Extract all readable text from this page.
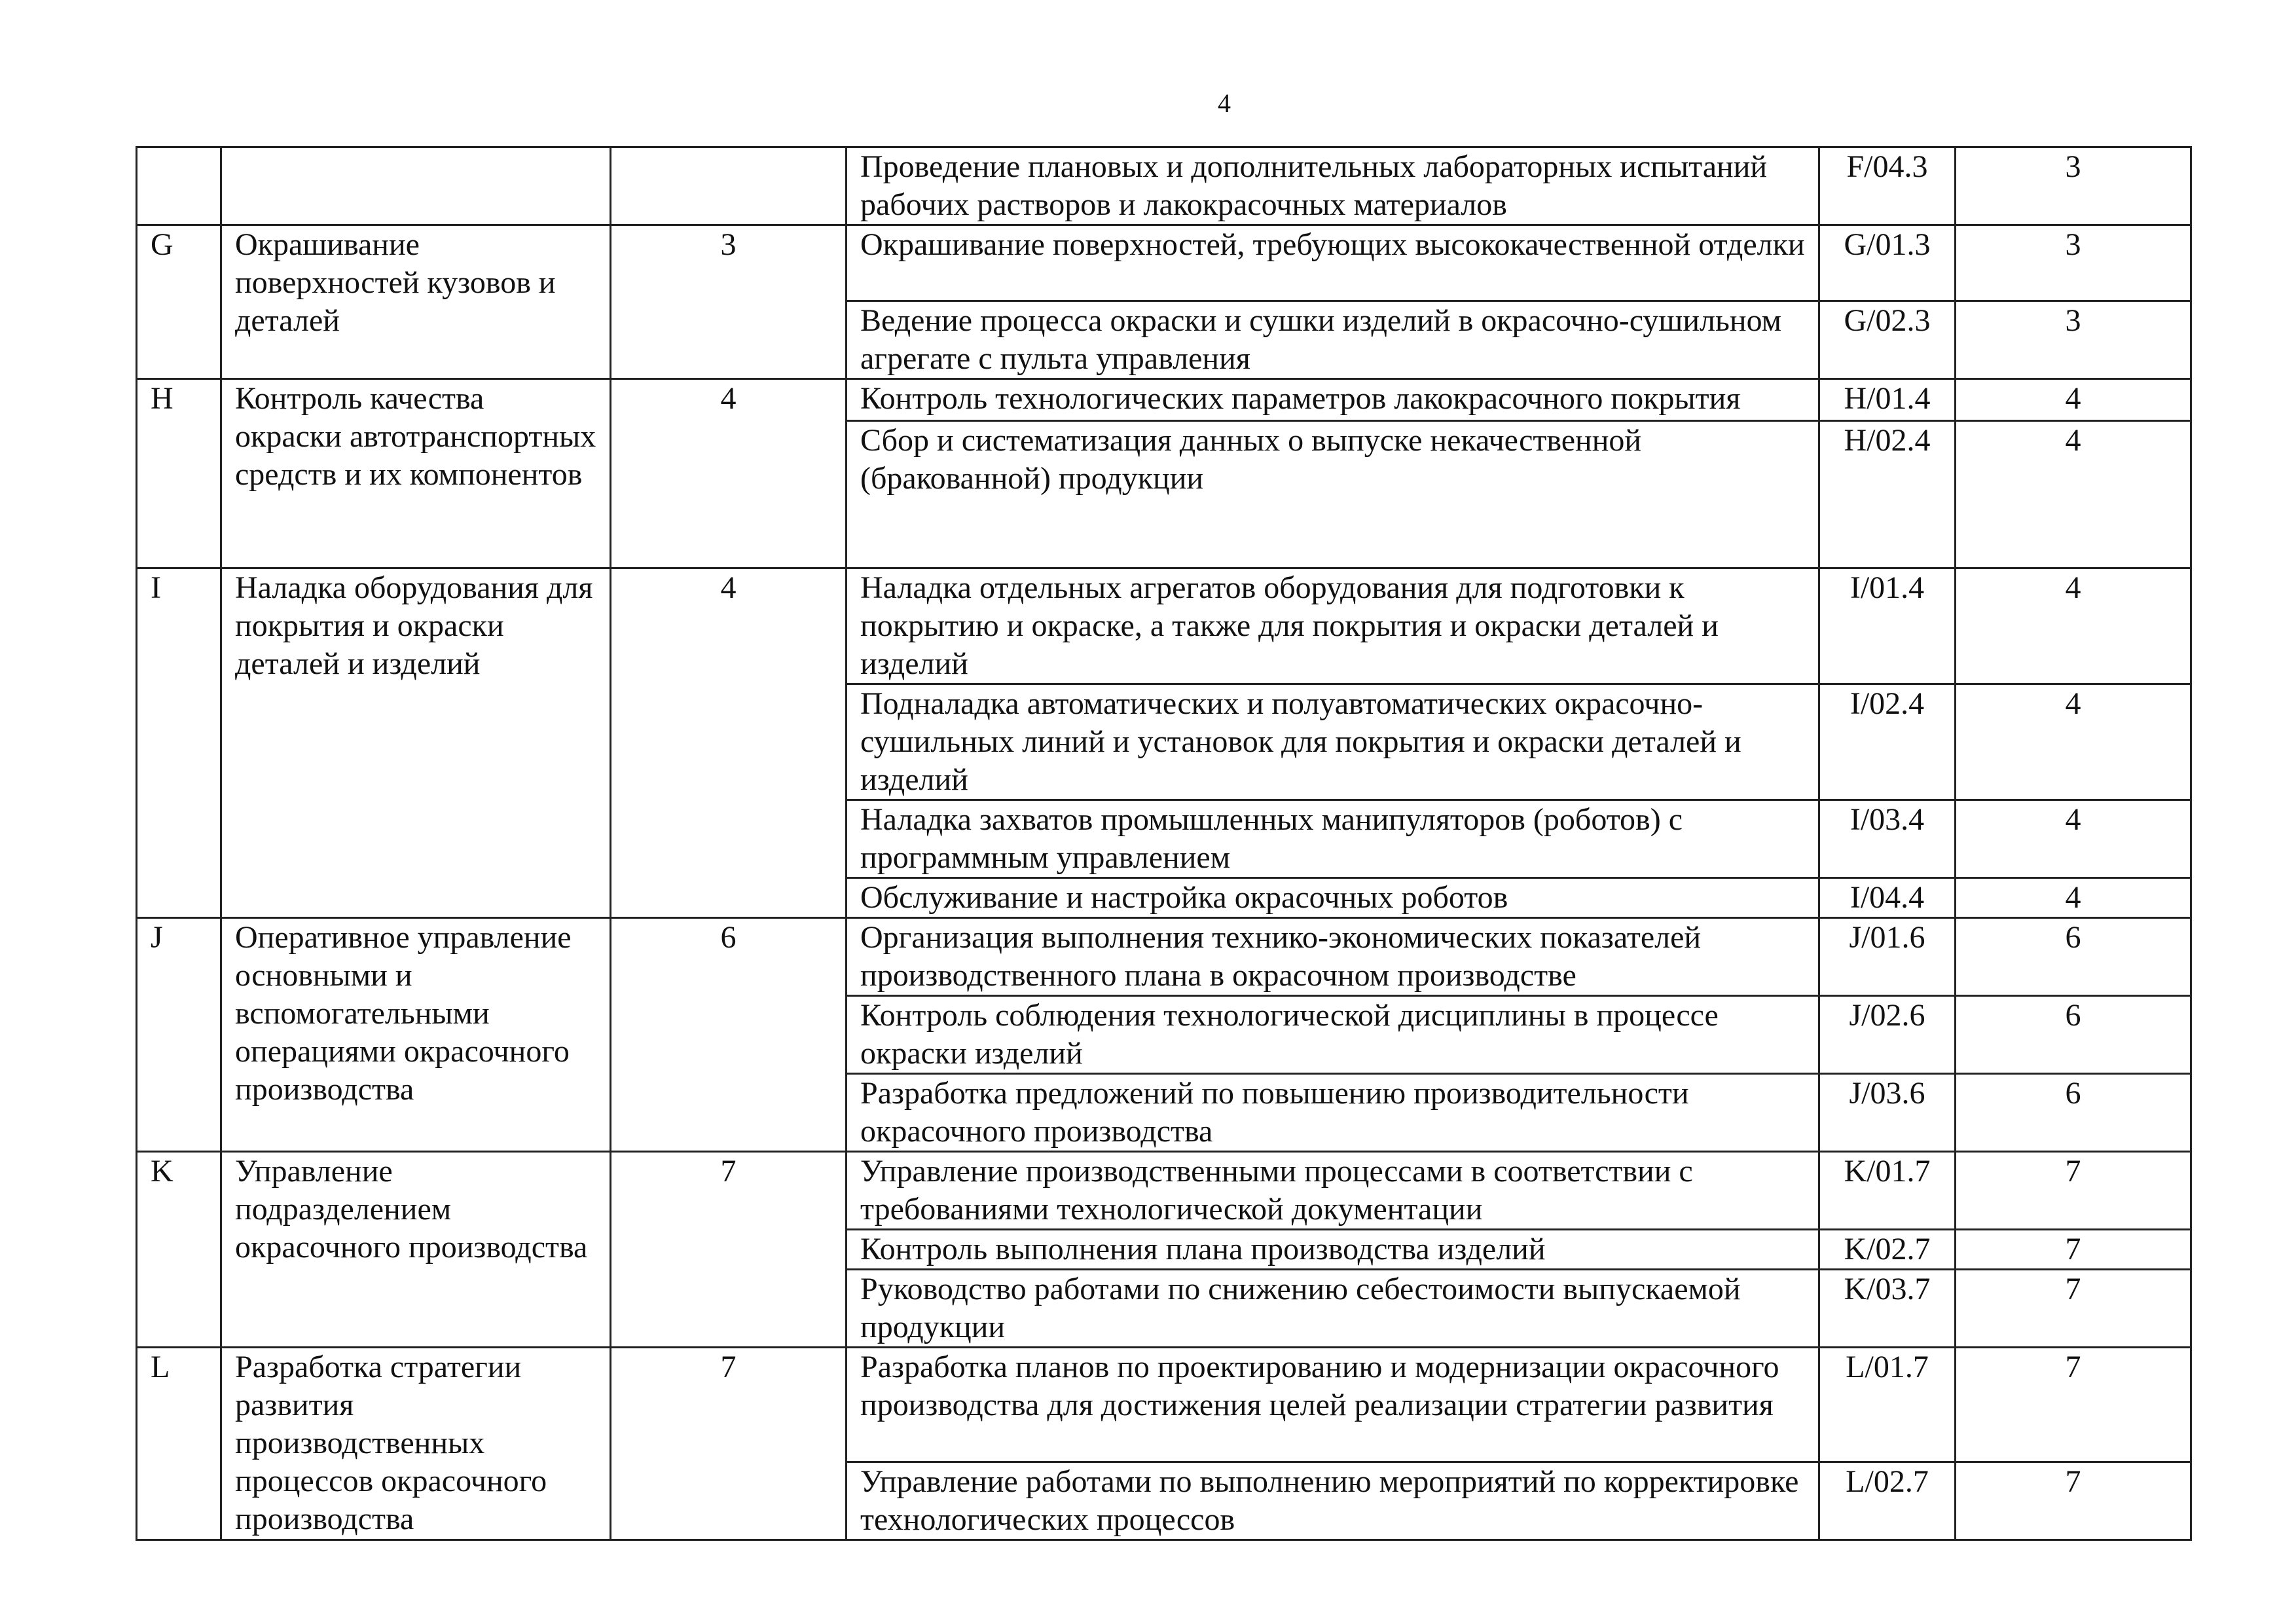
4
			Проведение плановых и дополнительных лабораторных испытаний рабочих растворов и лакокрасочных материалов	F/04.3	3
G	Окрашивание поверхностей кузовов и деталей	3	Окрашивание поверхностей, требующих высококачественной отделки	G/01.3	3
			Ведение процесса окраски и сушки изделий в окрасочно-сушильном агрегате с пульта управления	G/02.3	3
H	Контроль качества окраски автотранспортных средств и их компонентов	4	Контроль технологических параметров лакокрасочного покрытия	H/01.4	4
			Сбор и систематизация данных о выпуске некачественной (бракованной) продукции	H/02.4	4
I	Наладка оборудования для покрытия и окраски деталей и изделий	4	Наладка отдельных агрегатов оборудования для подготовки к покрытию и окраске, а также для покрытия и окраски деталей и изделий	I/01.4	4
			Подналадка автоматических и полуавтоматических окрасочно-сушильных линий и установок для покрытия и окраски деталей и изделий	I/02.4	4
			Наладка захватов промышленных манипуляторов (роботов) с программным управлением	I/03.4	4
			Обслуживание и настройка окрасочных роботов	I/04.4	4
J	Оперативное управление основными и вспомогательными операциями окрасочного производства	6	Организация выполнения технико-экономических показателей производственного плана в окрасочном производстве	J/01.6	6
			Контроль соблюдения технологической дисциплины в процессе окраски изделий	J/02.6	6
			Разработка предложений по повышению производительности окрасочного производства	J/03.6	6
K	Управление подразделением окрасочного производства	7	Управление производственными процессами в соответствии с требованиями технологической документации	K/01.7	7
			Контроль выполнения плана производства изделий	K/02.7	7
			Руководство работами по снижению себестоимости выпускаемой продукции	K/03.7	7
L	Разработка стратегии развития производственных процессов окрасочного производства	7	Разработка планов по проектированию и модернизации окрасочного производства для достижения целей реализации стратегии развития	L/01.7	7
			Управление работами по выполнению мероприятий по корректировке технологических процессов	L/02.7	7
